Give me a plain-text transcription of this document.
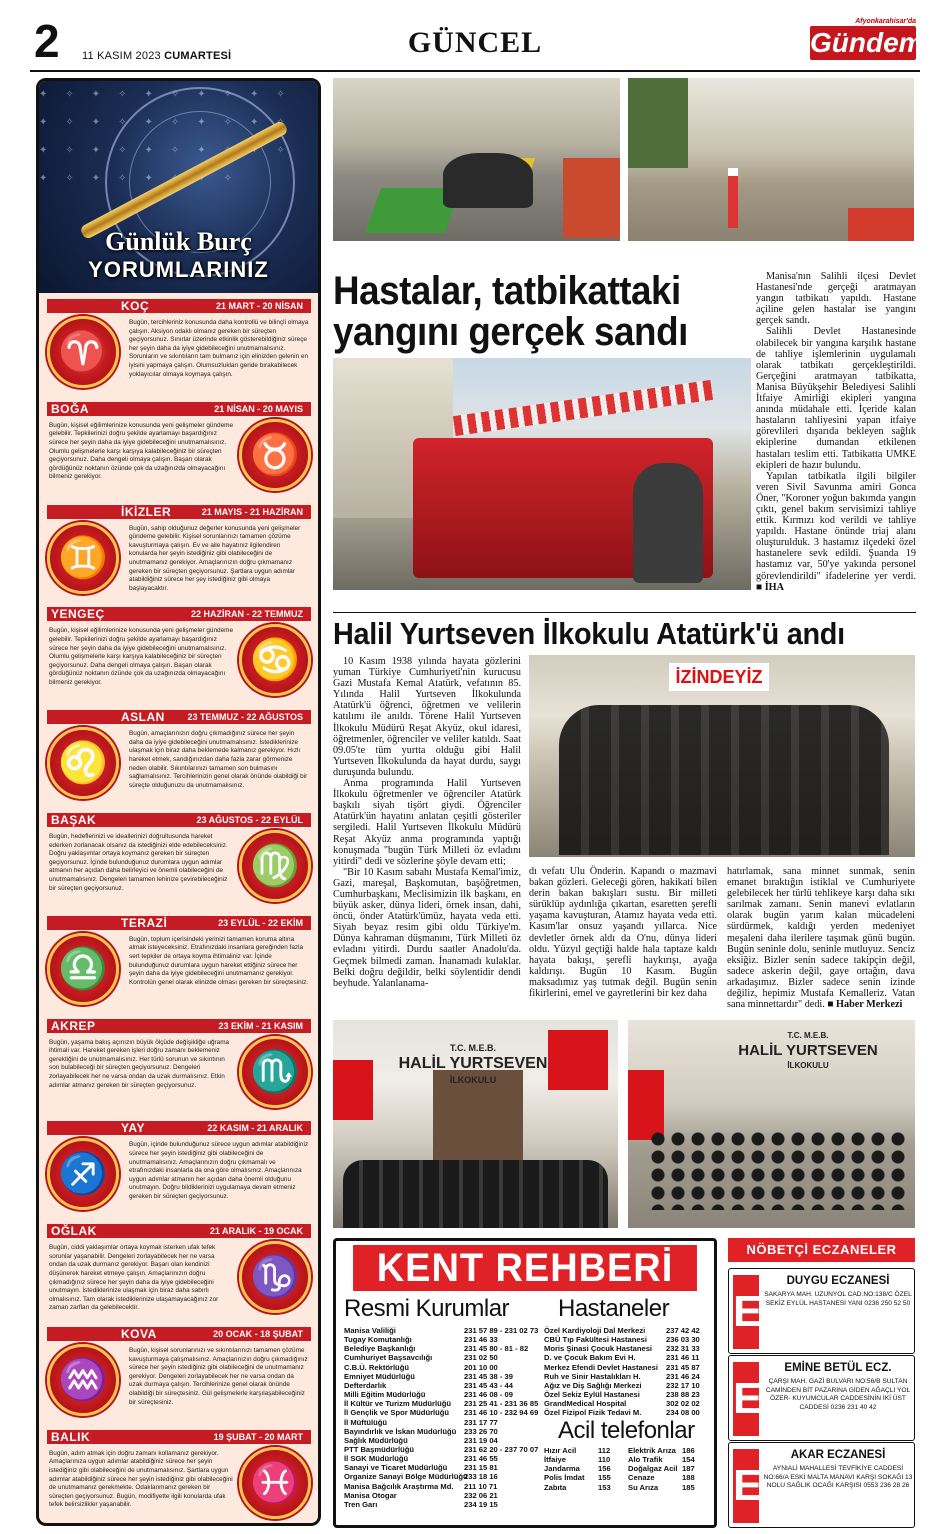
2 11 KASIM 2023 CUMARTESİ	GÜNCEL
Afyonkarahisar'da
Gündem
✦✧✦✧✦✧✦✧✦✧✦✧✦✧✦✧✦✧✦✧✦✧✦✧✦✧✦✧✦✧✦✧✦✧✦✧✦✧
Günlük Burç
YORUMLARINIZ
KOÇ	21 MART - 20 NİSAN
♈
Bugün, tercihleriniz konusunda daha kontrollü ve bilinçli olmaya çalışın. Aksiyon odaklı olmanız gereken bir süreçten geçiyorsunuz. Sınırlar üzerinde etkinlik gösterebildiğiniz süreçe her şeyin daha da iyiye gidebileceğini unutmamalısınız. Sorunların ve sıkıntıların tam bulmanız için elinizden gelenin en iyisini yapmaya çalışın. Olumsuzlukları geride bırakabilecek yoklayıcılar olmaya koymaya çalışın.
BOĞA	21 NİSAN - 20 MAYIS
♉
Bugün, kişisel eğilimlerinize konusunda yeni gelişmeler gündeme gelebilir. Tepkilerinizi doğru şekilde ayarlamayı başardığınız sürece her şeyin daha da iyiye gidebileceğini unutmamalısınız. Olumlu gelişmelerle karşı karşıya kalabileceğiniz bir süreçten geçiyorsunuz. Daha dengeli olmaya çalışın. Başarı olarak gördüğünüz noktanın özünde çok da uzağınızda olmayacağını bilmeniz gerekiyor.
İKİZLER	21 MAYIS - 21 HAZİRAN
♊
Bugün, sahip olduğunuz değerler konusunda yeni gelişmeler gündeme gelebilir. Kişisel sorunlarınızı tamamen çözüme kavuşturmaya çalışın. Ev ve aile hayatınız ilgilendiren konularda her şeyin istediğiniz gibi olabileceğini de unutmamanız gerekiyor. Amaçlarınızın doğru çıkmamanız gereken bir süreçten geçiyorsunuz. Şartlara uygun adımlar atabildiğiniz sürece her şey istediğiniz gibi olmaya başlayacaktır.
YENGEÇ	22 HAZİRAN - 22 TEMMUZ
♋
Bugün, kişisel eğilimlerinize konusunda yeni gelişmeler gündeme gelebilir. Tepkilerinizi doğru şekilde ayarlamayı başardığınız sürece her şeyin daha da iyiye gidebileceğini unutmamalısınız. Olumlu gelişmelerle karşı karşıya kalabileceğiniz bir süreçten geçiyorsunuz. Daha dengeli olmaya çalışın. Başarı olarak gördüğünüz noktanın özünde çok da uzağınızda olmayacağını bilmeniz gerekiyor.
ASLAN	23 TEMMUZ - 22 AĞUSTOS
♌
Bugün, amaçlarınızın doğru çıkmadığınız sürece her şeyin daha da iyiye gidebileceğini unutmamalısınız. İstediklerinize ulaşmak için biraz daha beklemede kalmanız gerekiyor. Hızlı hareket etmek, sandığınızdan daha fazla zarar görmenize neden olabilir. Sıkıntılarınızı tamamen son bulmasını sağlamalısınız. Tercihlerinizin genel olarak önünde olabildiği bir süreçte olduğunuzu da unutmamalısınız.
BAŞAK	23 AĞUSTOS - 22 EYLÜL
♍
Bugün, hedeflerinizi ve ideallerinizi doğrultusunda hareket ederken zorlanacak olsanız da istediğinizi elde edebileceksiniz. Doğru yaklaşımlar ortaya koymanız gereken bir süreçten geçiyorsunuz. İçinde bulunduğunuz durumlara uygun adımlar atmanın her açıdan daha belirleyici ve önemli olabileceğini de unutmamalısınız. Dengeleri tamamen lehinize çevirebileceğiniz bir süreçten geçiyorsunuz.
TERAZİ	23 EYLÜL - 22 EKİM
♎
Bugün, toplum içerisindeki yerinizi tamamen koruma altına almak isteyeceksiniz. Etrafınızdaki insanlara gereğinden fazla sert tepkiler de ortaya koyma ihtimaliniz var. İçinde bulunduğunuz durumlara uygun hareket ettiğiniz sürece her şeyin daha da iyiye gidebileceğini unutmamanız gerekiyor. Kontrolün genel olarak elinizde olması gereken bir süreçtesiniz.
AKREP	23 EKİM - 21 KASIM
♏
Bugün, yaşama bakış açınızın büyük ölçüde değişikliğe uğrama ihtimali var. Hareket gereken işleri doğru zamanı beklemeniz gerektiğini de unutmamalısınız. Her türlü sorunun ve sıkıntının son bulabileceği bir süreçten geçiyorsunuz. Dengeleri zorlayabilecek her ne varsa ondan da uzak durmalısınız. Etkin adımlar atmanız gereken bir süreçten geçiyorsunuz.
YAY	22 KASIM - 21 ARALIK
♐
Bugün, içinde bulunduğunuz sürece uygun adımlar atabildiğiniz sürece her şeyin istediğiniz gibi olabileceğini de unutmamalısınız. Amaçlarınızın doğru çıkmamalı ve etrafınızdaki insanlarla da ona göre olmalısınız. Amaçlarınıza uygun adımlar atmanın her açıdan daha önemli olduğunu unutmayın. Doğru bildiklerinizi uygulamaya devam etmeniz gereken bir süreçten geçiyorsunuz.
OĞLAK	21 ARALIK - 19 OCAK
♑
Bugün, ciddi yaklaşımlar ortaya koymak isterken ufak tefek sorunlar yaşanabilir. Dengeleri zorlayabilecek her ne varsa ondan da uzak durmanız gerekiyor. Başarı olan kendinizi düşünerek hareket etmeye çalışın. Amaçlarınızın doğru çıkmadığınız sürece her şeyin daha da iyiye gidebileceğini unutmayın. İstediklerinize ulaşmak için biraz daha sabırlı olmalısınız. Tam olarak istediklerinize ulaşamayacağınız zor zaman zarfları da gelebilecektir.
KOVA	20 OCAK - 18 ŞUBAT
♒
Bugün, kişisel sorunlarınızı ve sıkıntılarınızı tamamen çözüme kavuşturmaya çalışmalısınız. Amaçlarınızın doğru çıkmadığınız sürece her şeyin istediğiniz gibi olabileceğini de unutmamanız gerekiyor. Dengeleri zorlayabilecek her ne varsa ondan da uzak durmaya çalışın. Tercihlerinize genel olarak önünde olabildiği bir süreçtesiniz. Gül gelişmelerle karşılaşabileceğiniz bir süreçtesiniz.
BALIK	19 ŞUBAT - 20 MART
♓
Bugün, adım atmak için doğru zamanı kollamanız gerekiyor. Amaçlarınıza uygun adımlar atabildiğiniz sürece her şeyin istediğiniz gibi olabileceğini de unutmamalısınız. Şartlara uygun adımlar atabildiğiniz sürece her şeyin istediğiniz gibi olabileceğini de unutmamanız gerekmekte. Odaklanmanız gereken bir süreçten geçiyorsunuz. Bugün, modifiyette ilgili konularda ufak tefek belirsizlikler yaşanabilir.
Hastalar, tatbikattaki yangını gerçek sandı

Manisa'nın Salihli ilçesi Devlet Hastanesi'nde gerçeği aratmayan yangın tatbikatı yapıldı. Hastane açiline gelen hastalar ise yangını gerçek sandı.

Salihli Devlet Hastanesinde olabilecek bir yangına karşılık hastane de tahliye işlemlerinin uygulamalı olarak tatbikatı gerçekleştirildi. Gerçeğini aratmayan tatbikatta, Manisa Büyükşehir Belediyesi Salihli İtfaiye Amirliği ekipleri yangına anında müdahale etti. İçeride kalan hastaların tahliyesini yapan itfaiye görevlileri dışarıda bekleyen sağlık ekiplerine dumandan etkilenen hastaları teslim etti. Tatbikatta UMKE ekipleri de hazır bulundu.

Yapılan tatbikatla ilgili bilgiler veren Sivil Savunma amiri Gonca Öner, "Koroner yoğun bakımda yangın çıktı, genel bakım servisimizi tahliye ettik. Kırmızı kod verildi ve tahliye yapıldı. Hastane önünde triaj alanı oluşturulduk. 3 hastamız ilçedeki özel hastanelere sevk edildi. Şuanda 19 hastamız var, 50'ye yakında personel görevlendirildi" ifadelerine yer verdi. ■ İHA

Halil Yurtseven İlkokulu Atatürk'ü andı

10 Kasım 1938 yılında hayata gözlerini yuman Türkiye Cumhuriyeti'nin kurucusu Gazi Mustafa Kemal Atatürk, vefatının 85. Yılında Halil Yurtseven İlkokulunda Atatürk'ü öğrenci, öğretmen ve velilerin katılımı ile anıldı. Törene Halil Yurtseven İlkokulu Müdürü Reşat Akyüz, okul idaresi, öğretmenler, öğrenciler ve veliler katıldı. Saat 09.05'te tüm yurtta olduğu gibi Halil Yurtseven İlkokulunda da hayat durdu, saygı duruşunda bulundu.

Anma programında Halil Yurtseven İlkokulu öğretmenler ve öğrenciler Atatürk başkılı siyah tişört giydi. Öğrenciler Atatürk'ün hayatını anlatan çeşitli gösteriler sergiledi. Halil Yurtseven İlkokulu Müdürü Reşat Akyüz anma programında yaptığı konuşmada "bugün Türk Milleti öz evladını yitirdi" dedi ve sözlerine şöyle devam etti;

"Bir 10 Kasım sabahı Mustafa Kemal'imiz, Gazi, mareşal, Başkomutan, başöğretmen, Cumhurbaşkanı, Meclisimizin ilk başkanı, en büyük asker, dünya lideri, örnek insan, dahi, öncü, önder Atatürk'ümüz, hayata veda etti. Siyah beyaz resim gibi oldu Türkiye'm. Dünya kahraman düşmanını, Türk Milleti öz evladını yitirdi. Durdu saatler Anadolu'da. Geçmek bilmedi zaman. İnanamadı kulaklar. Belki doğru değildir, belki söylentidir dendi beyhude. Yalanlanama-

İZİNDEYİZ
dı vefatı Ulu Önderin. Kapandı o mazmavi bakan gözleri. Geleceği gören, hakikati bilen derin bakan bakışları sustu. Bir milleti sürüklüp aydınlığa çıkartan, esaretten şerefli yaşama kavuşturan, Atamız hayata veda etti. Kasım'lar onsuz yaşandı yıllarca. Nice devletler örnek aldı da O'nu, dünya lideri oldu. Yüzyıl geçtiği halde hala taptaze kaldı hayata bakışı, şerefli haykırışı, ayağa kaldırışı. Bugün 10 Kasım. Bugün maksadımız yaş tutmak değil. Bugün senin fikirlerini, emel ve gayretlerini bir kez daha
hatırlamak, sana minnet sunmak, senin emanet bıraktığın istiklal ve Cumhuriyete gelebilecek her türlü tehlikeye karşı daha sıkı sarılmak zamanı. Senin manevi evlatların olarak bugün yarım kalan mücadeleni sürdürmek, kaldığı yerden medeniyet meşaleni daha ilerilere taşımak günü bugün. Bugün seninle dolu, seninle mutluyuz. Senciz eksiğiz. Bizler senin sadece takipçin değil, sadece askerin değil, gaye ortağın, dava arkadaşımız. Bizler sadece senin izinde değiliz, hepimiz Mustafa Kemalleriz. Vatan sana minnettardır" dedi. ■ Haber Merkezi
T.C. M.E.B.
HALİL YURTSEVEN
İLKOKULU
T.C. M.E.B.
HALİL YURTSEVEN
İLKOKULU
KENT REHBERİ
Resmi Kurumlar Hastaneler
Acil telefonlar
Manisa Valiliği	231 57 89 - 231 02 73
Tugay Komutanlığı	231 46 33
Belediye Başkanlığı	231 45 80 - 81 - 82
Cumhuriyet Başsavcılığı	231 02 50
C.B.Ü. Rektörlüğü	201 10 00
Emniyet Müdürlüğü	231 45 38 - 39
Defterdarlık	231 45 43 - 44
Milli Eğitim Müdürlüğü	231 46 08 - 09
İl Kültür ve Turizm Müdürlüğü 231 25 41 - 231 36 85
İl Gençlik ve Spor Müdürlüğü 231 46 10 - 232 94 69
İl Müftülüğü	231 17 77
Bayındırlık ve İskan Müdürlüğü 233 26 70
Sağlık Müdürlüğü	231 19 04
PTT Başmüdürlüğü	231 62 20 - 237 70 07
İl SGK Müdürlüğü	231 46 55
Sanayi ve Ticaret Müdürlüğü 231 15 81
Organize Sanayi Bölge Müdürlüğü
233 18 16
Manisa Bağcılık Araştırma Md. 211 10 71
Manisa Otogar	232 06 21
Tren Garı	234 19 15
Özel Kardiyoloji Dal Merkezi	237 42 42
CBÜ Tıp Fakültesi Hastanesi	236 03 30
Moris Şinasi Çocuk Hastanesi 232 31 33
D. ve Çocuk Bakım Evi H.	231 46 11
Merkez Efendi Devlet Hastanesi 231 45 87
Ruh ve Sinir Hastalıkları H.	231 46 24
Ağız ve Diş Sağlığı Merkezi	232 17 10
Özel Sekiz Eylül Hastanesi	238 88 23
GrandMedical Hospital	302 02 02
Özel Fizipol Fizik Tedavi M.	234 08 00
Hızır Acil	112 Elektrik Arıza 186
İtfaiye	110 Alo Trafik	154
Jandarma 156 Doğalgaz Acil 187
Polis İmdat 155 Cenaze	188
Zabıta	153 Su Arıza	185
NÖBETÇİ ECZANELER
E
DUYGU ECZANESİ
SAKARYA MAH. UZUNYOL CAD.NO:138/C ÖZEL SEKİZ EYLÜL HASTANESİ YANI 0236 250 52 50
E
EMİNE BETÜL ECZ.
ÇARŞI MAH. GAZİ BULVARI NO:56/B SULTAN CAMİNDEN BİT PAZARINA GİDEN AĞAÇLI YOL ÖZER- KUYUMCULAR CADDESİNİN İKİ ÜST CADDESİ 0236 231 40 42
E
AKAR ECZANESİ
AYNIALİ MAHALLESİ TEVFİKİYE CADDESİ NO:66/A ESKİ MALTA MANAVI KARŞI SOKAĞI 13 NOLU SAĞLIK OCAĞI KARŞISI 0553 236 28 26
